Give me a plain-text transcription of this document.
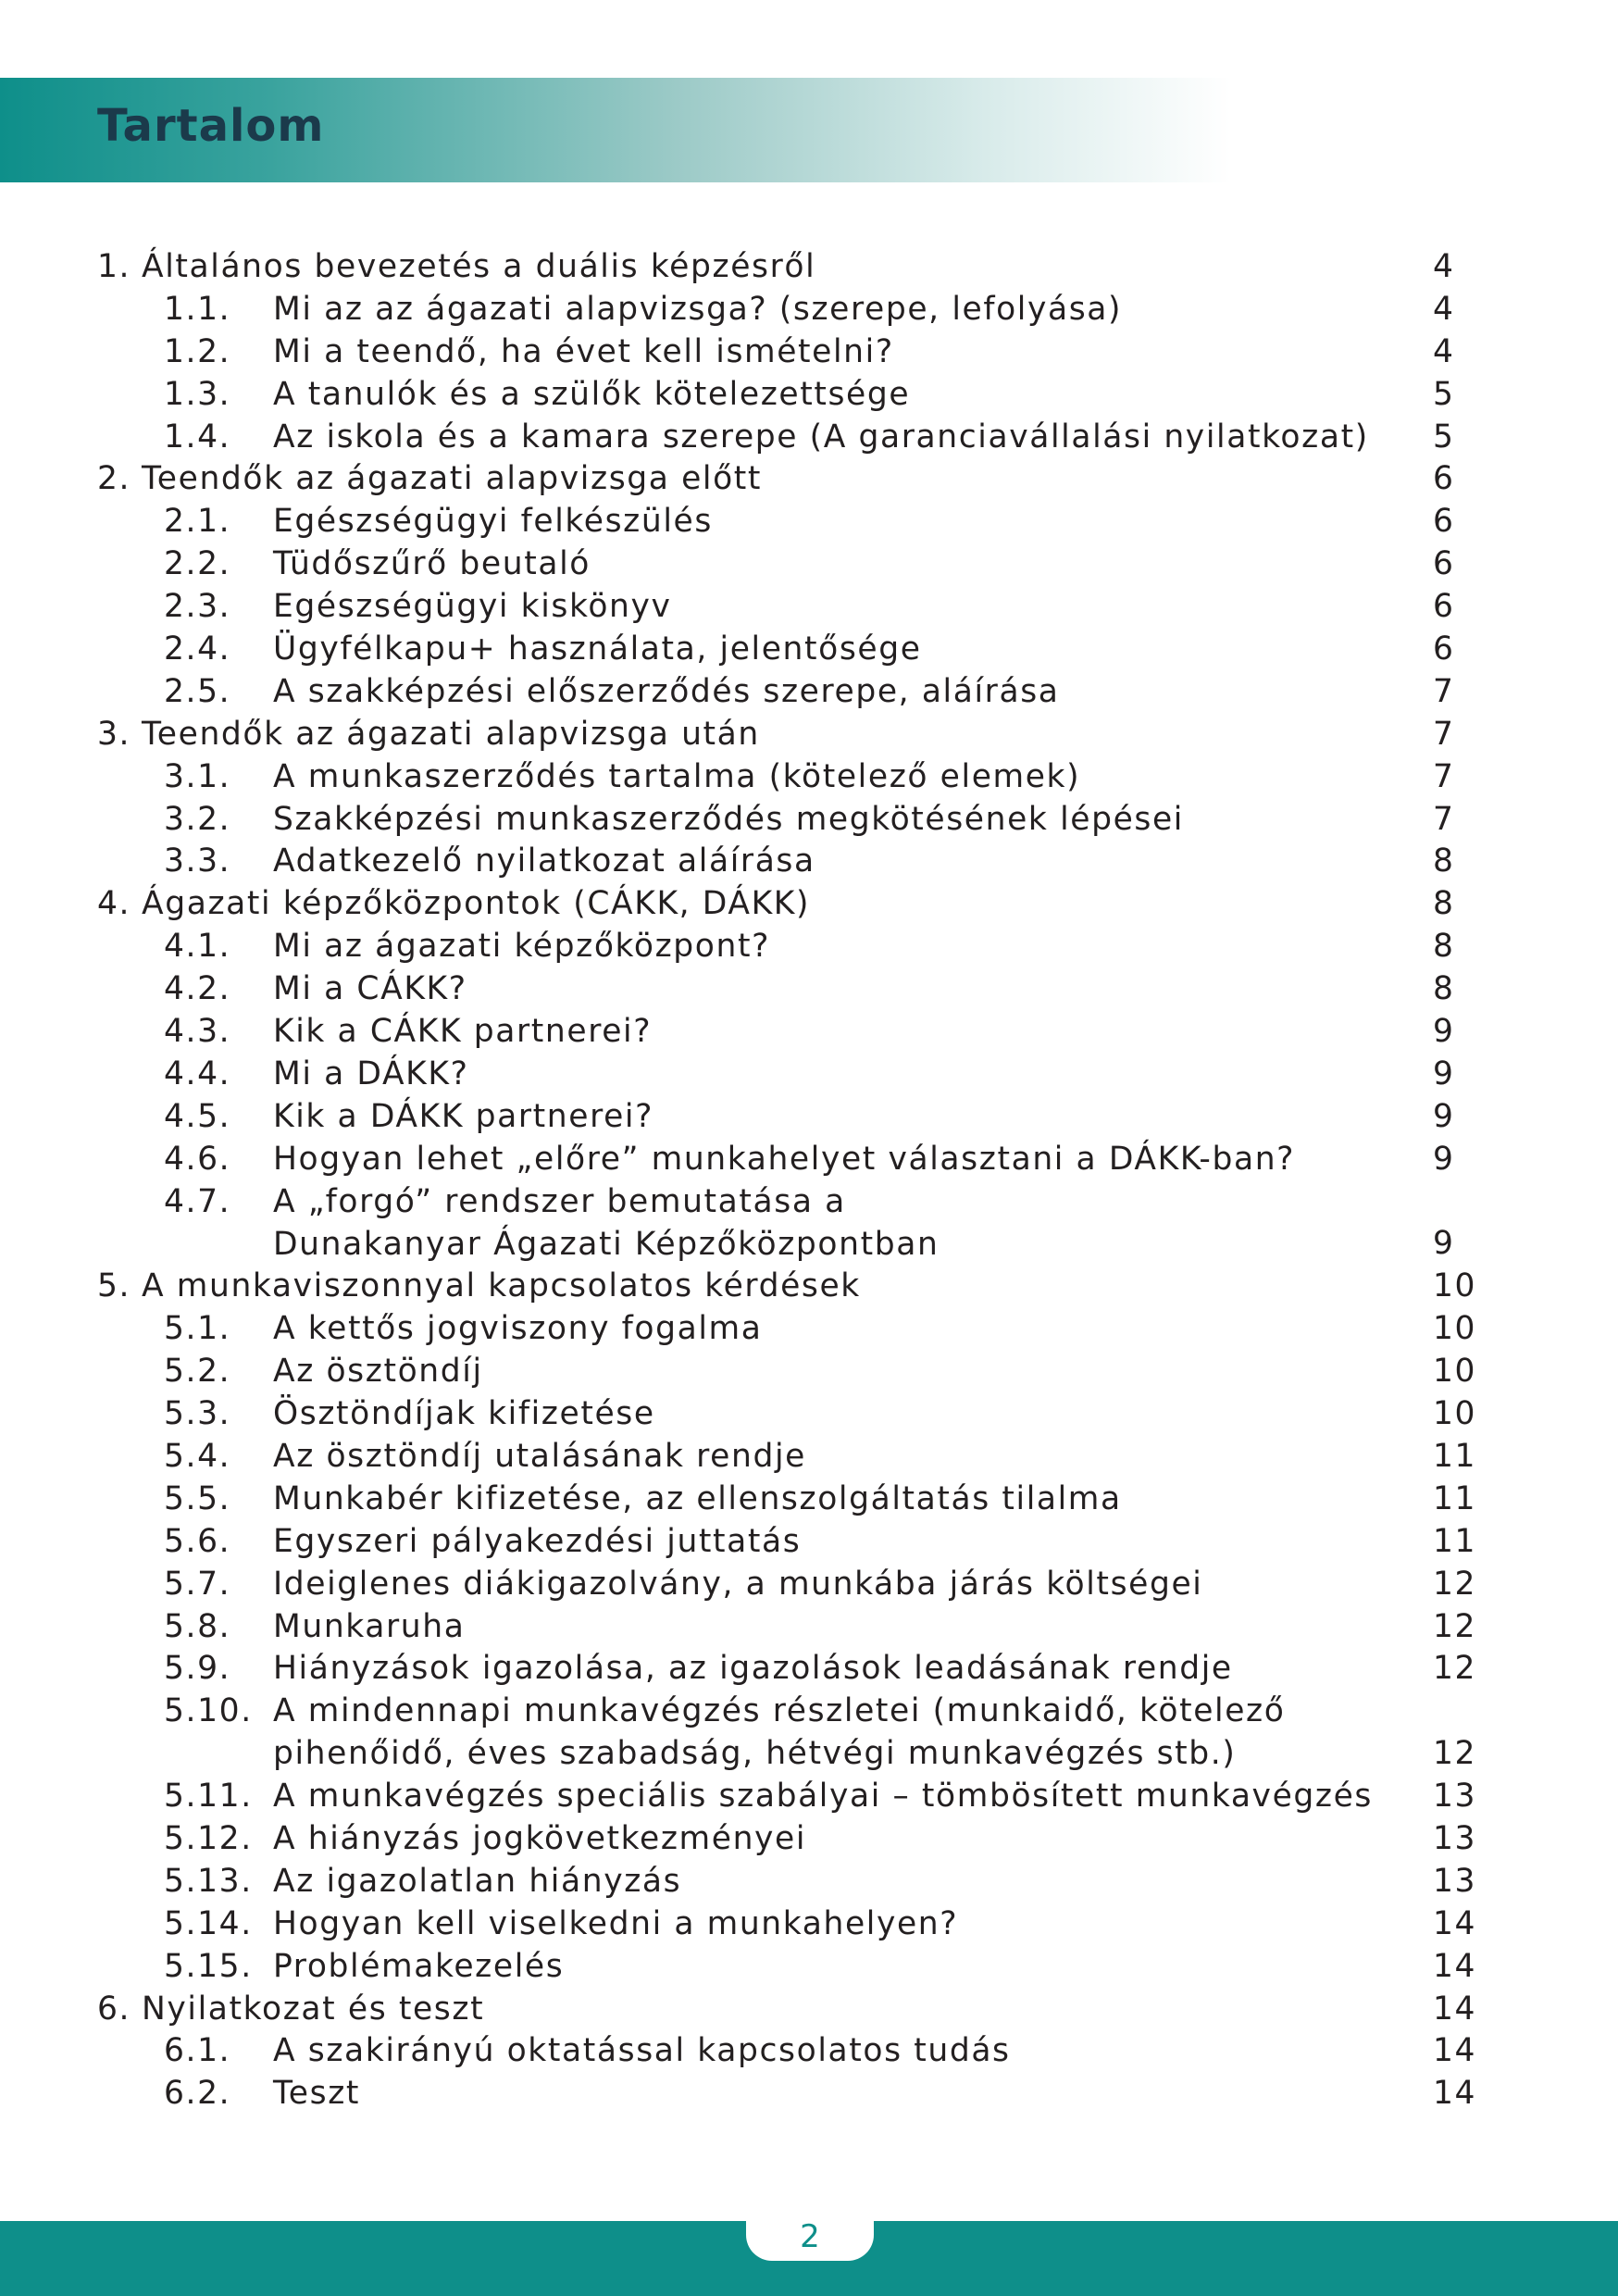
Tartalom
1. Általános bevezetés a duális képzésről	4
1.1. Mi az az ágazati alapvizsga? (szerepe, lefolyása)	4
1.2. Mi a teendő, ha évet kell ismételni?	4
1.3. A tanulók és a szülők kötelezettsége	5
1.4. Az iskola és a kamara szerepe (A garanciavállalási nyilatkozat) 5
2. Teendők az ágazati alapvizsga előtt	6
2.1. Egészségügyi felkészülés	6
2.2. Tüdőszűrő beutaló	6
2.3. Egészségügyi kiskönyv	6
2.4. Ügyfélkapu+ használata, jelentősége	6
2.5. A szakképzési előszerződés szerepe, aláírása	7
3. Teendők az ágazati alapvizsga után	7
3.1. A munkaszerződés tartalma (kötelező elemek)	7
3.2. Szakképzési munkaszerződés megkötésének lépései	7
3.3. Adatkezelő nyilatkozat aláírása	8
4. Ágazati képzőközpontok (CÁKK, DÁKK)	8
4.1. Mi az ágazati képzőközpont?	8
4.2. Mi a CÁKK?	8
4.3. Kik a CÁKK partnerei?	9
4.4. Mi a DÁKK?	9
4.5. Kik a DÁKK partnerei?	9
4.6. Hogyan lehet „előre” munkahelyet választani a DÁKK-ban?	9
4.7. A „forgó” rendszer bemutatása a
Dunakanyar Ágazati Képzőközpontban	9
5. A munkaviszonnyal kapcsolatos kérdések	10
5.1. A kettős jogviszony fogalma	10
5.2. Az ösztöndíj	10
5.3. Ösztöndíjak kifizetése	10
5.4. Az ösztöndíj utalásának rendje	11
5.5. Munkabér kifizetése, az ellenszolgáltatás tilalma	11
5.6. Egyszeri pályakezdési juttatás	11
5.7. Ideiglenes diákigazolvány, a munkába járás költségei	12
5.8. Munkaruha	12
5.9. Hiányzások igazolása, az igazolások leadásának rendje	12
5.10. A mindennapi munkavégzés részletei (munkaidő, kötelező
pihenőidő, éves szabadság, hétvégi munkavégzés stb.)	12
5.11. A munkavégzés speciális szabályai – tömbösített munkavégzés 13
5.12. A hiányzás jogkövetkezményei	13
5.13. Az igazolatlan hiányzás	13
5.14. Hogyan kell viselkedni a munkahelyen?	14
5.15. Problémakezelés	14
6. Nyilatkozat és teszt	14
6.1. A szakirányú oktatással kapcsolatos tudás	14
6.2. Teszt	14
2
